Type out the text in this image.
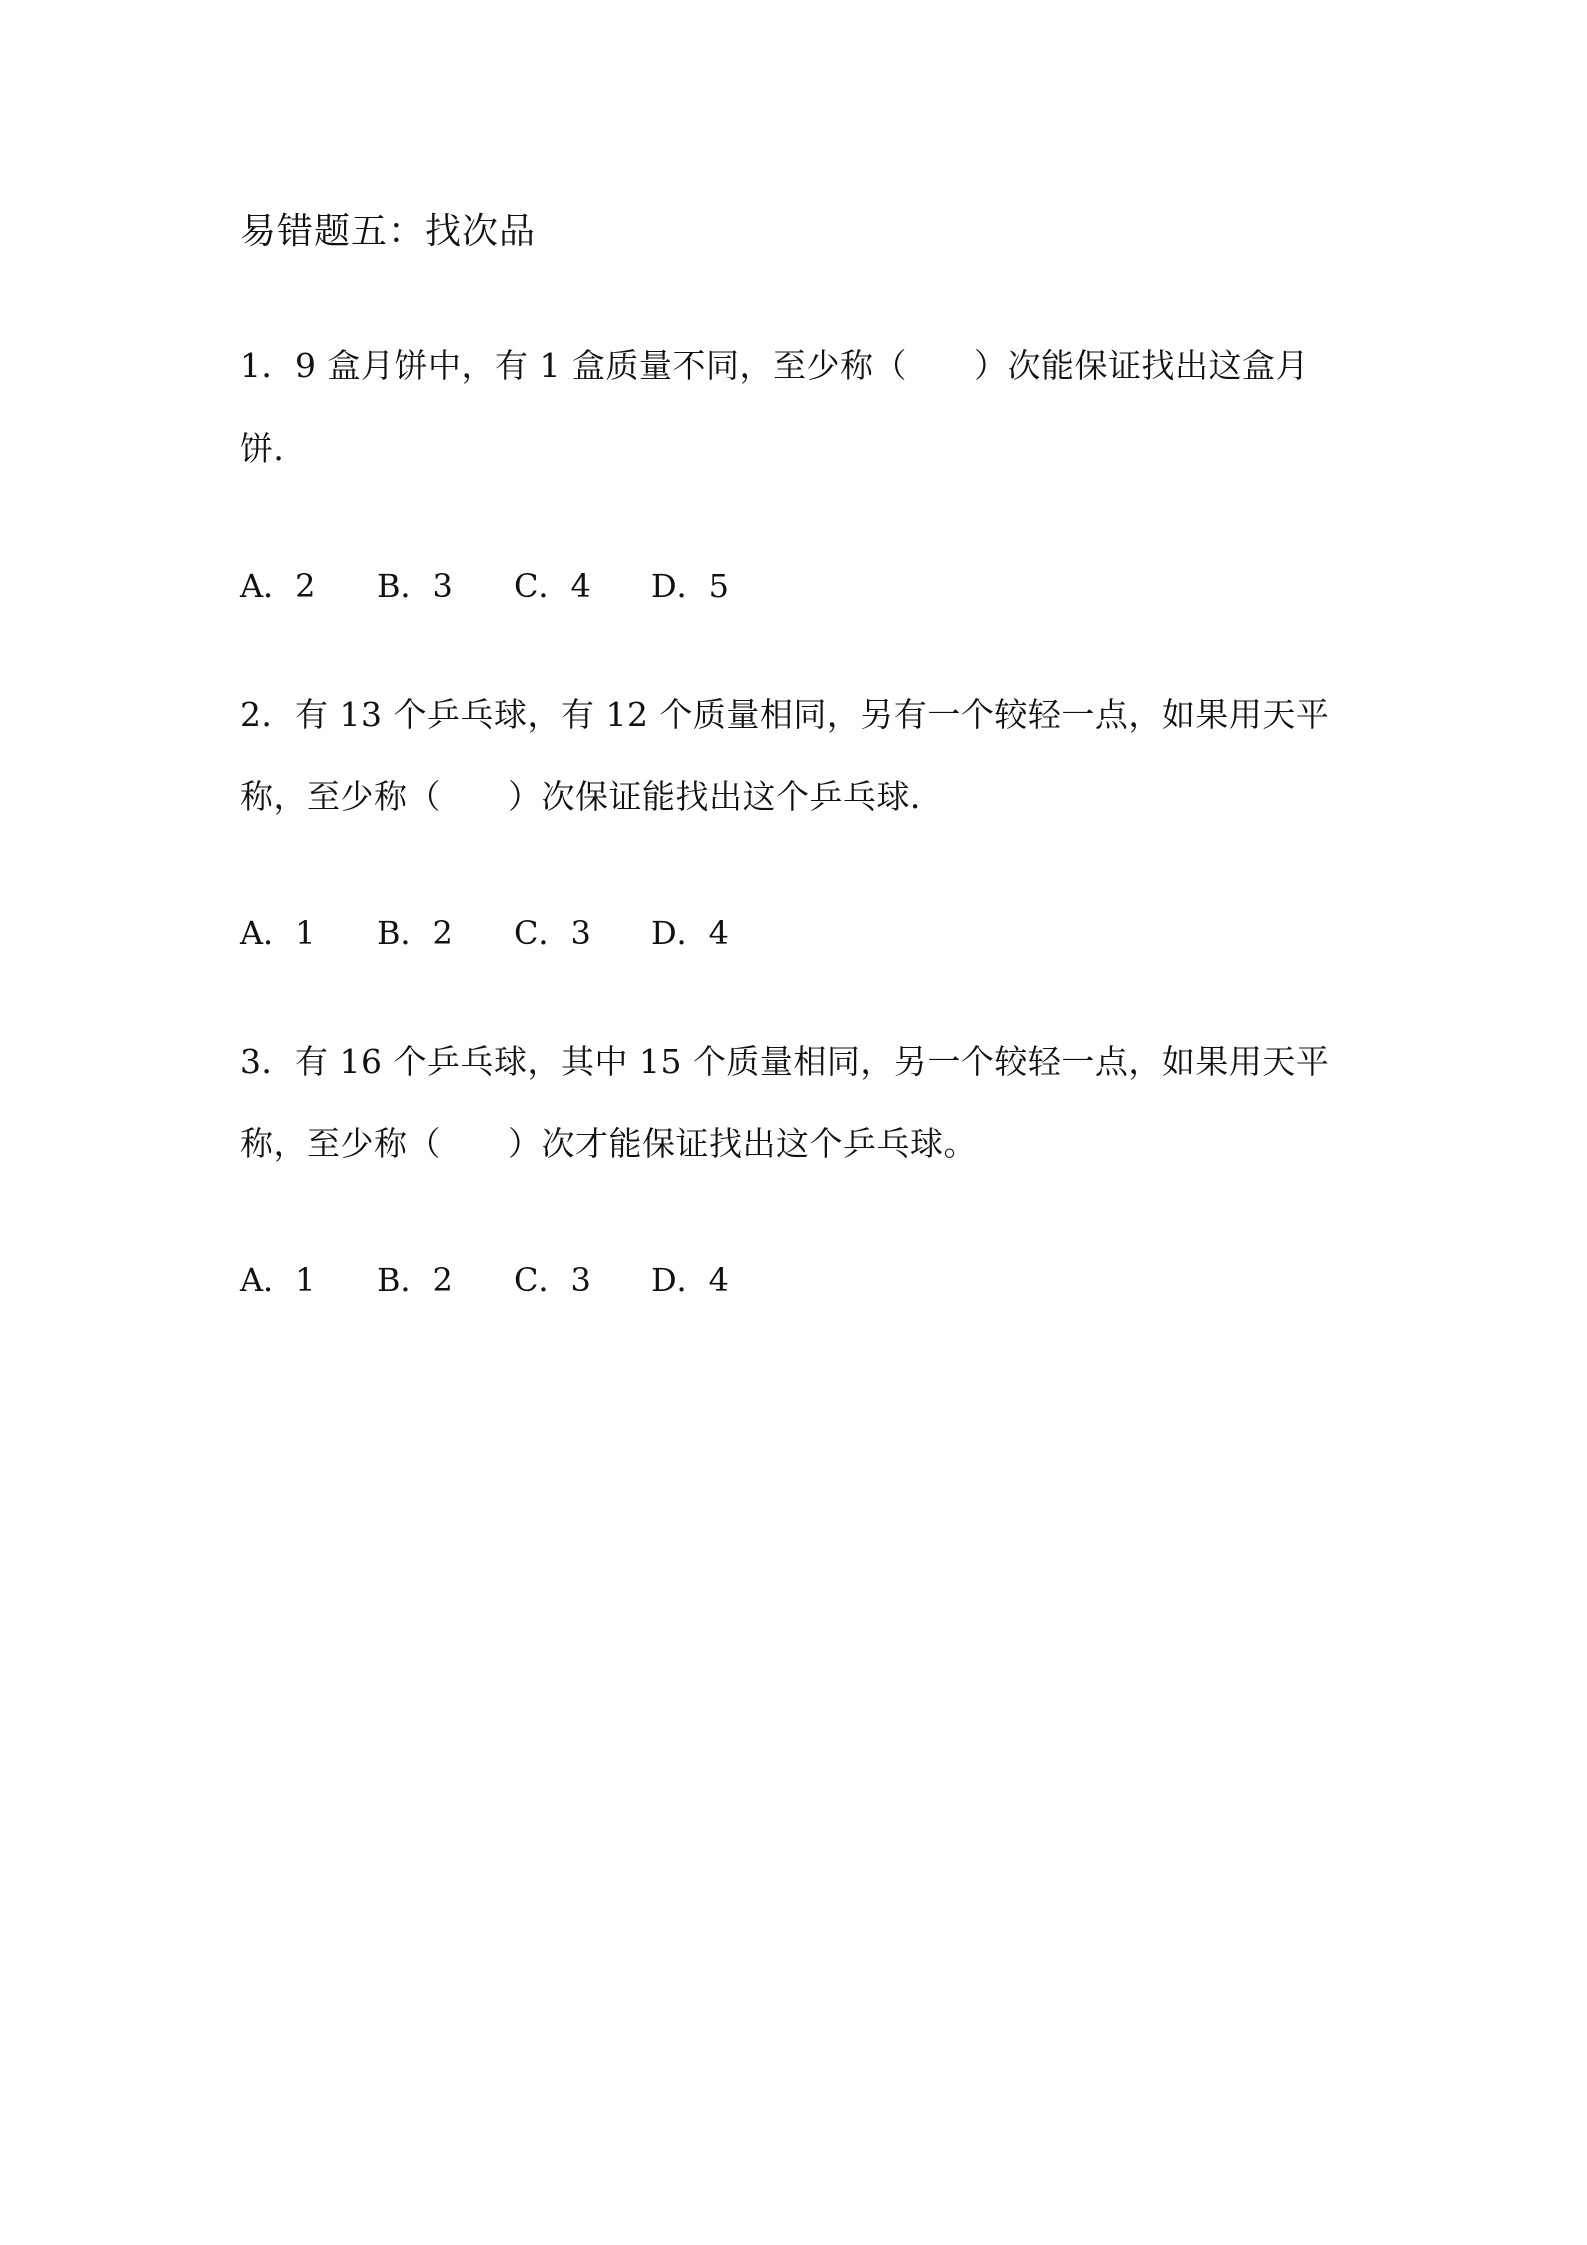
易错题五：找次品
1．9 盒月饼中，有 1 盒质量不同，至少称（　　）次能保证找出这盒月
饼．
A．2 B．3 C．4 D．5
2．有 13 个乒乓球，有 12 个质量相同，另有一个较轻一点，如果用天平
称，至少称（　　）次保证能找出这个乒乓球．
A．1 B．2 C．3 D．4
3．有 16 个乒乓球，其中 15 个质量相同，另一个较轻一点，如果用天平
称，至少称（　　）次才能保证找出这个乒乓球。
A．1 B．2 C．3 D．4
